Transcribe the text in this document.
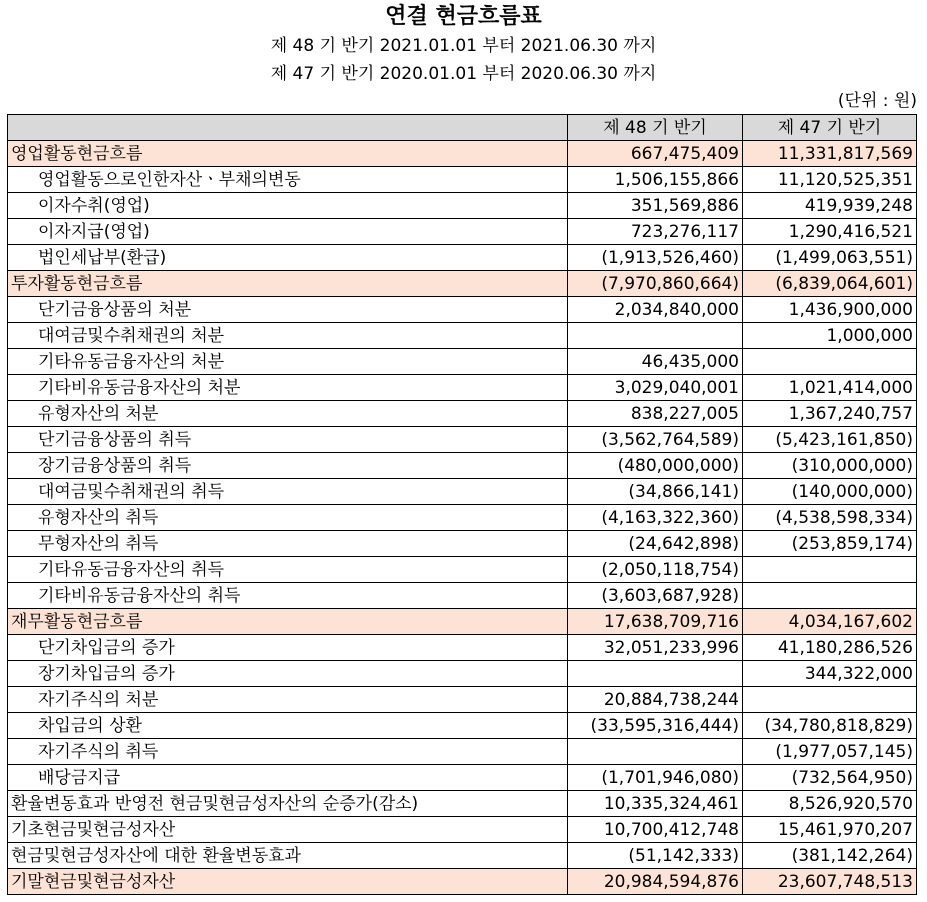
연결 현금흐름표
제 48 기 반기 2021.01.01 부터 2021.06.30 까지
제 47 기 반기 2020.01.01 부터 2020.06.30 까지
(단위 : 원)
	제 48 기 반기	제 47 기 반기
영업활동현금흐름	667,475,409	11,331,817,569
영업활동으로인한자산ㆍ부채의변동	1,506,155,866	11,120,525,351
이자수취(영업)	351,569,886	419,939,248
이자지급(영업)	723,276,117	1,290,416,521
법인세납부(환급)	(1,913,526,460)	(1,499,063,551)
투자활동현금흐름	(7,970,860,664)	(6,839,064,601)
단기금융상품의 처분	2,034,840,000	1,436,900,000
대여금및수취채권의 처분		1,000,000
기타유동금융자산의 처분	46,435,000	
기타비유동금융자산의 처분	3,029,040,001	1,021,414,000
유형자산의 처분	838,227,005	1,367,240,757
단기금융상품의 취득	(3,562,764,589)	(5,423,161,850)
장기금융상품의 취득	(480,000,000)	(310,000,000)
대여금및수취채권의 취득	(34,866,141)	(140,000,000)
유형자산의 취득	(4,163,322,360)	(4,538,598,334)
무형자산의 취득	(24,642,898)	(253,859,174)
기타유동금융자산의 취득	(2,050,118,754)	
기타비유동금융자산의 취득	(3,603,687,928)	
재무활동현금흐름	17,638,709,716	4,034,167,602
단기차입금의 증가	32,051,233,996	41,180,286,526
장기차입금의 증가		344,322,000
자기주식의 처분	20,884,738,244	
차입금의 상환	(33,595,316,444)	(34,780,818,829)
자기주식의 취득		(1,977,057,145)
배당금지급	(1,701,946,080)	(732,564,950)
환율변동효과 반영전 현금및현금성자산의 순증가(감소)	10,335,324,461	8,526,920,570
기초현금및현금성자산	10,700,412,748	15,461,970,207
현금및현금성자산에 대한 환율변동효과	(51,142,333)	(381,142,264)
기말현금및현금성자산	20,984,594,876	23,607,748,513
